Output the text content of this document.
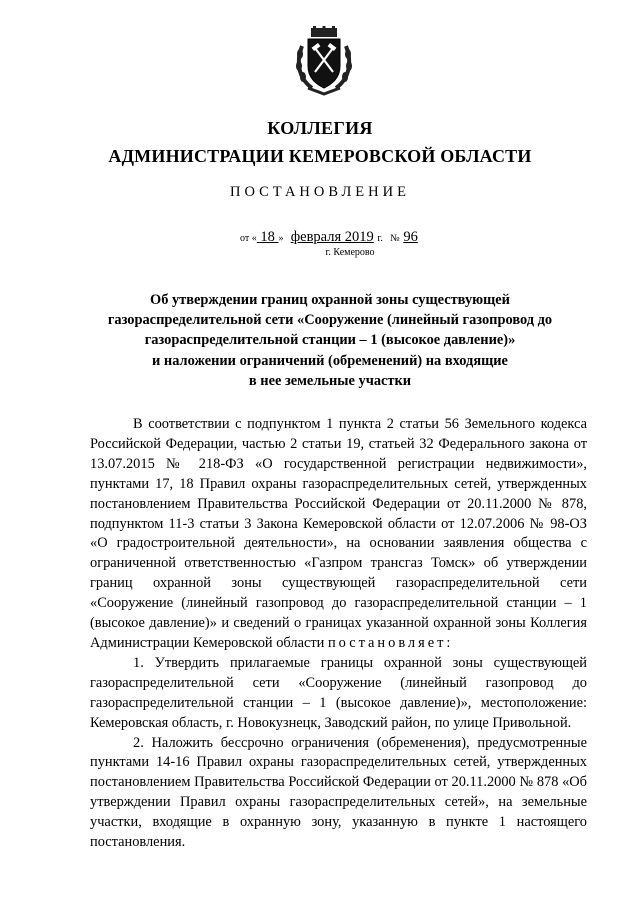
КОЛЛЕГИЯ
АДМИНИСТРАЦИИ КЕМЕРОВСКОЙ ОБЛАСТИ
ПОСТАНОВЛЕНИЕ
от « 18 » февраля 2019 г. № 96
г. Кемерово
Об утверждении границ охранной зоны существующей
газораспределительной сети «Сооружение (линейный газопровод до
газораспределительной станции – 1 (высокое давление)»
и наложении ограничений (обременений) на входящие
в нее земельные участки

В соответствии с подпунктом 1 пункта 2 статьи 56 Земельного кодекса Российской Федерации, частью 2 статьи 19, статьей 32 Федерального закона от 13.07.2015 № 218-ФЗ «О государственной регистрации недвижимости», пунктами 17, 18 Правил охраны газораспределительных сетей, утвержденных постановлением Правительства Российской Федерации от 20.11.2000 № 878, подпунктом 11-3 статьи 3 Закона Кемеровской области от 12.07.2006 № 98-ОЗ «О градостроительной деятельности», на основании заявления общества с ограниченной ответственностью «Газпром трансгаз Томск» об утверждении границ охранной зоны существующей газораспределительной сети «Сооружение (линейный газопровод до газораспределительной станции – 1 (высокое давление)» и сведений о границах указанной охранной зоны Коллегия Администрации Кемеровской области постановляет:

1. Утвердить прилагаемые границы охранной зоны существующей газораспределительной сети «Сооружение (линейный газопровод до газораспределительной станции – 1 (высокое давление)», местоположение: Кемеровская область, г. Новокузнецк, Заводский район, по улице Привольной.

2. Наложить бессрочно ограничения (обременения), предусмотренные пунктами 14-16 Правил охраны газораспределительных сетей, утвержденных постановлением Правительства Российской Федерации от 20.11.2000 № 878 «Об утверждении Правил охраны газораспределительных сетей», на земельные участки, входящие в охранную зону, указанную в пункте 1 настоящего постановления.
